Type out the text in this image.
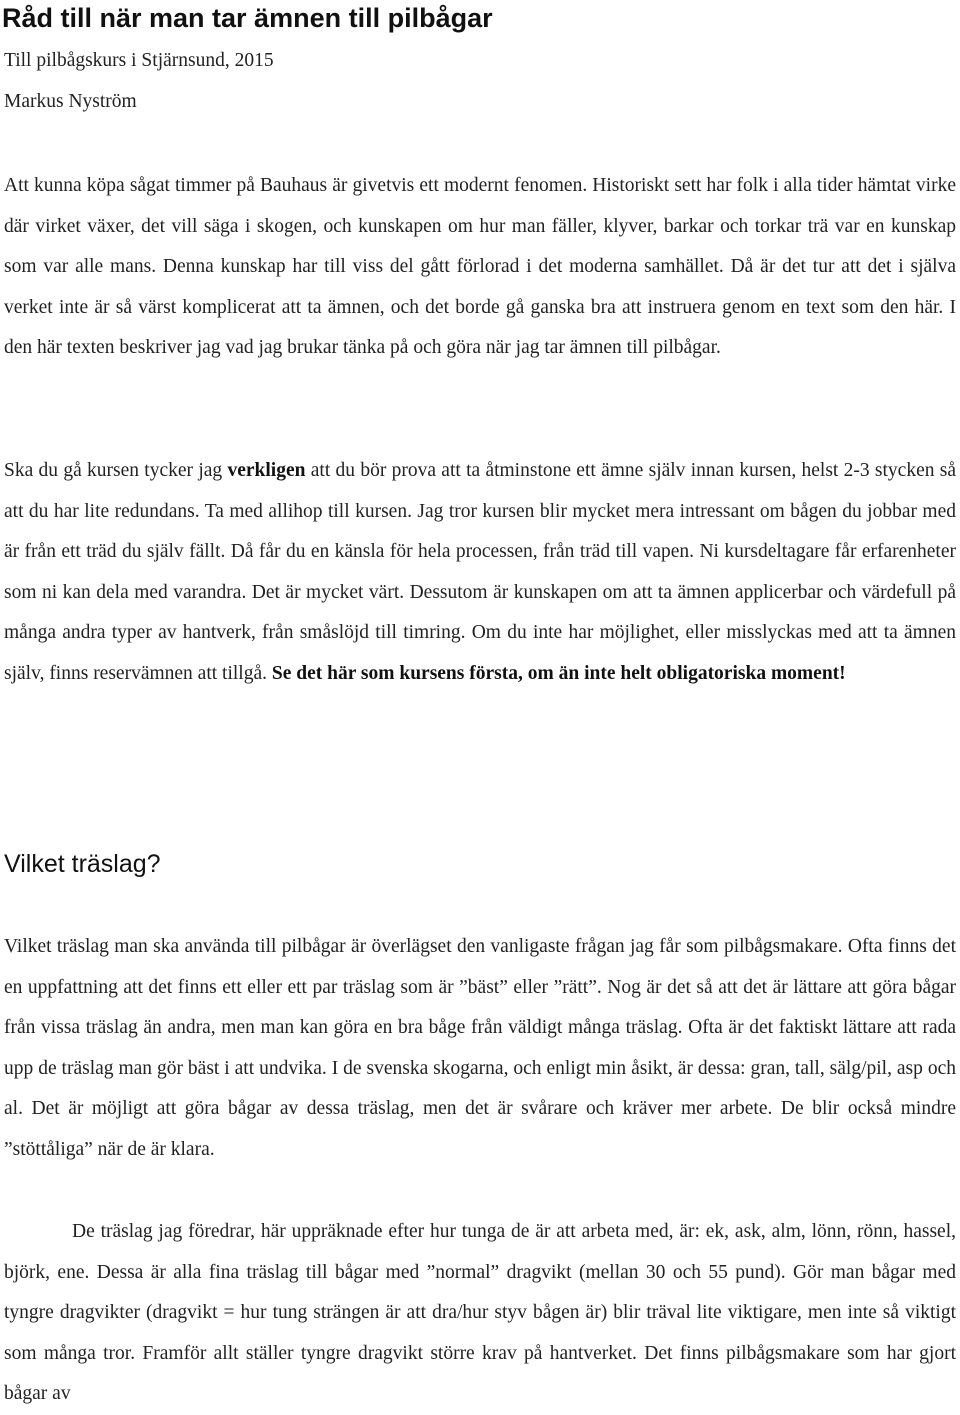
Råd till när man tar ämnen till pilbågar

Till pilbågskurs i Stjärnsund, 2015

Markus Nyström

Att kunna köpa sågat timmer på Bauhaus är givetvis ett modernt fenomen. Historiskt sett har folk i alla tider hämtat virke där virket växer, det vill säga i skogen, och kunskapen om hur man fäller, klyver, barkar och torkar trä var en kunskap som var alle mans. Denna kunskap har till viss del gått förlorad i det moderna samhället. Då är det tur att det i själva verket inte är så värst komplicerat att ta ämnen, och det borde gå ganska bra att instruera genom en text som den här. I den här texten beskriver jag vad jag brukar tänka på och göra när jag tar ämnen till pilbågar.

Ska du gå kursen tycker jag verkligen att du bör prova att ta åtminstone ett ämne själv innan kursen, helst 2-3 stycken så att du har lite redundans. Ta med allihop till kursen. Jag tror kursen blir mycket mera intressant om bågen du jobbar med är från ett träd du själv fällt. Då får du en känsla för hela processen, från träd till vapen. Ni kursdeltagare får erfarenheter som ni kan dela med varandra. Det är mycket värt. Dessutom är kunskapen om att ta ämnen applicerbar och värdefull på många andra typer av hantverk, från småslöjd till timring. Om du inte har möjlighet, eller misslyckas med att ta ämnen själv, finns reservämnen att tillgå. Se det här som kursens första, om än inte helt obligatoriska moment!

Vilket träslag?

Vilket träslag man ska använda till pilbågar är överlägset den vanligaste frågan jag får som pilbågsmakare. Ofta finns det en uppfattning att det finns ett eller ett par träslag som är ”bäst” eller ”rätt”. Nog är det så att det är lättare att göra bågar från vissa träslag än andra, men man kan göra en bra båge från väldigt många träslag. Ofta är det faktiskt lättare att rada upp de träslag man gör bäst i att undvika. I de svenska skogarna, och enligt min åsikt, är dessa: gran, tall, sälg/pil, asp och al. Det är möjligt att göra bågar av dessa träslag, men det är svårare och kräver mer arbete. De blir också mindre ”stöttåliga” när de är klara.

De träslag jag föredrar, här uppräknade efter hur tunga de är att arbeta med, är: ek, ask, alm, lönn, rönn, hassel, björk, ene. Dessa är alla fina träslag till bågar med ”normal” dragvikt (mellan 30 och 55 pund). Gör man bågar med tyngre dragvikter (dragvikt = hur tung strängen är att dra/hur styv bågen är) blir träval lite viktigare, men inte så viktigt som många tror. Framför allt ställer tyngre dragvikt större krav på hantverket. Det finns pilbågsmakare som har gjort bågar av
